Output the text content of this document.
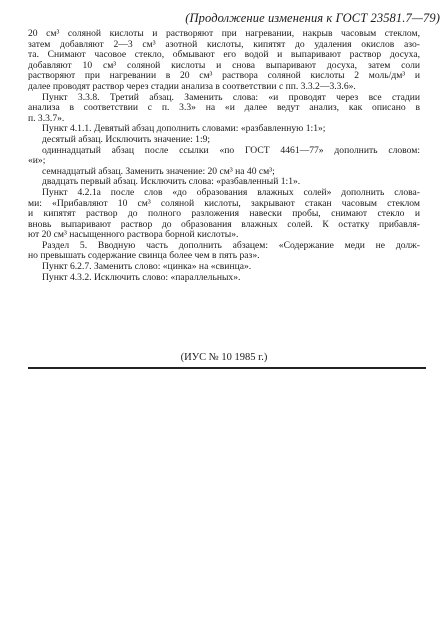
(Продолжение изменения к ГОСТ 23581.7—79)
20 см³ соляной кислоты и растворяют при нагревании, накрыв часовым стеклом,
затем добавляют 2—3 см³ азотной кислоты, кипятят до удаления окислов азо-
та. Снимают часовое стекло, обмывают его водой и выпаривают раствор досуха,
добавляют 10 см³ соляной кислоты и снова выпаривают досуха, затем соли
растворяют при нагревании в 20 см³ раствора соляной кислоты 2 моль/дм³ и
далее проводят раствор через стадии анализа в соответствии с пп. 3.3.2—3.3.6».
Пункт 3.3.8. Третий абзац. Заменить слова: «и проводят через все стадии
анализа в соответствии с п. 3.3» на «и далее ведут анализ, как описано в
п. 3.3.7».
Пункт 4.1.1. Девятый абзац дополнить словами: «разбавленную 1:1»;
десятый абзац. Исключить значение: 1:9;
одиннадцатый абзац после ссылки «по ГОСТ 4461—77» дополнить словом:
«и»;
семнадцатый абзац. Заменить значение: 20 см³ на 40 см³;
двадцать первый абзац. Исключить слова: «разбавленный 1:1».
Пункт 4.2.1а после слов «до образования влажных солей» дополнить слова-
ми: «Прибавляют 10 см³ соляной кислоты, закрывают стакан часовым стеклом
и кипятят раствор до полного разложения навески пробы, снимают стекло и
вновь выпаривают раствор до образования влажных солей. К остатку прибавля-
ют 20 см³ насыщенного раствора борной кислоты».
Раздел 5. Вводную часть дополнить абзацем: «Содержание меди не долж-
но превышать содержание свинца более чем в пять раз».
Пункт 6.2.7. Заменить слово: «цинка» на «свинца».
Пункт 4.3.2. Исключить слово: «параллельных».
(ИУС № 10 1985 г.)
